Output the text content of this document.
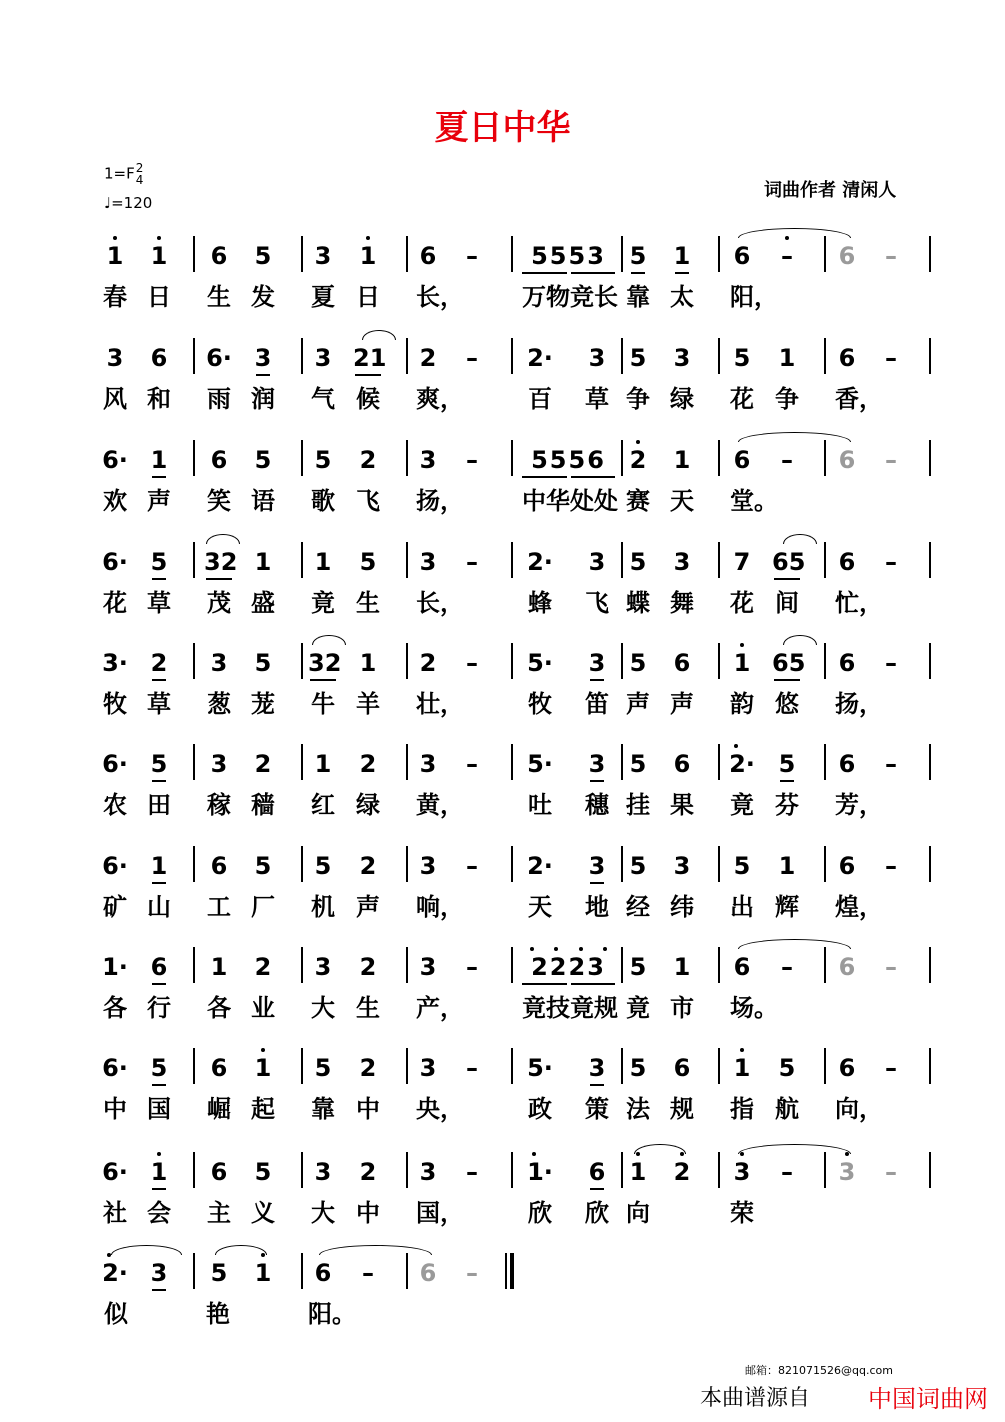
夏日中华
1=F2
4
♩=120
词曲作者 清闲人
1 1 6 5 3 1 6	–	5553 5 1 6	–	6	–
春 日 生 发 夏 日 长， 万物竞长 靠 太 阳，
3 6 6· 3 3 21 2	–	2· 3 5 3 5 1 6	–
风 和 雨 润 气 候 爽，	百 草 争 绿 花 争 香，
6· 1 6 5 5 2 3	–	5556 2 1 6	–	6	–
欢 声 笑 语 歌 飞 扬， 中华处处 赛 天 堂。
6· 5 32 1 1 5 3	–	2· 3 5 3 7 65 6	–
花 草 茂 盛 竟 生 长，	蜂 飞 蝶 舞 花 间 忙，
3· 2 3 5 32 1 2	–	5· 3 5 6 1 65 6	–
牧 草 葱 茏 牛 羊 壮，	牧 笛 声 声 韵 悠 扬，
6· 5 3 2 1 2 3	–	5· 3 5 6 2· 5 6	–
农 田 稼 穑 红 绿 黄，	吐 穗 挂 果 竟 芬 芳，
6· 1 6 5 5 2 3	–	2· 3 5 3 5 1 6	–
矿 山 工 厂 机 声 响，	天 地 经 纬 出 辉 煌，
1· 6 1 2 3 2 3	–	2223 5 1 6	–	6	–
各 行 各 业 大 生 产， 竟技竟规 竟 市 场。
6· 5 6 1 5 2 3	–	5· 3 5 6 1 5 6	–
中 国 崛 起 靠 中 央，	政 策 法 规 指 航 向，
6· 1 6 5 3 2 3	–	1· 6 1 2 3	–	3	–
社 会 主 义 大 中 国，	欣 欣 向	荣
2· 3 5 1 6	–	6	–
似	艳	阳。
邮箱：821071526@qq.com
本曲谱源自 中国词曲网
